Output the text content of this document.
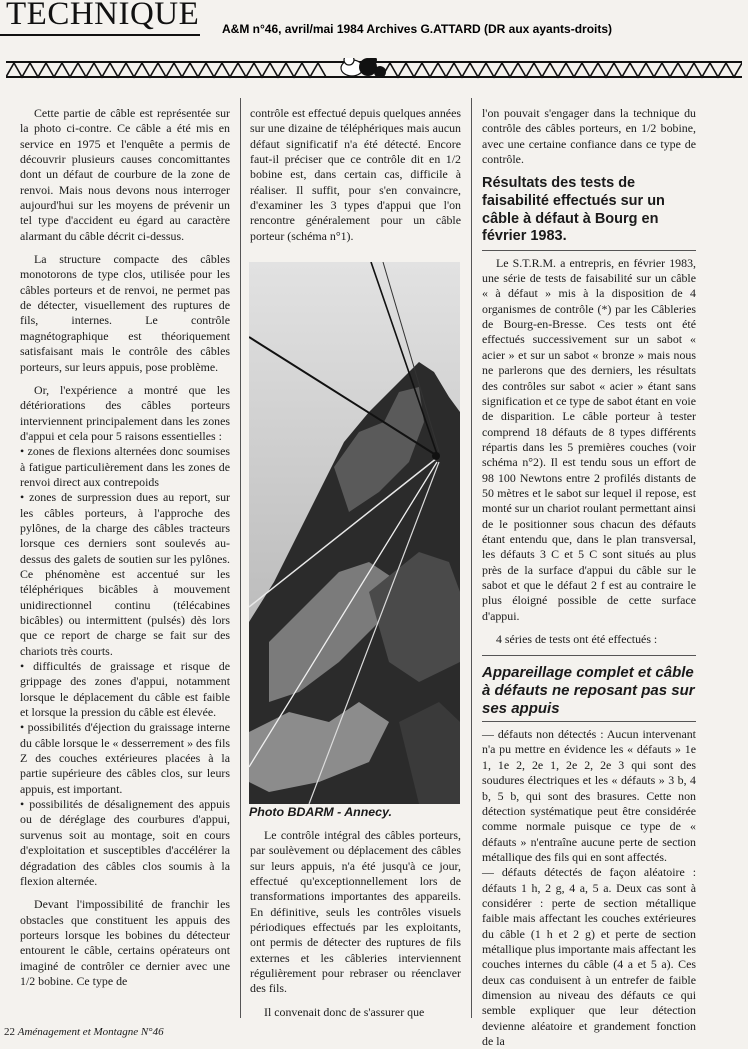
TECHNIQUE A&M n°46, avril/mai 1984 Archives G.ATTARD (DR aux ayants-droits)

Cette partie de câble est représentée sur la photo ci-contre. Ce câble a été mis en service en 1975 et l'enquête a permis de découvrir plusieurs causes concomittantes dont un défaut de courbure de la zone de renvoi. Mais nous devons nous interroger aujourd'hui sur les moyens de prévenir un tel type d'accident eu égard au caractère alarmant du câble décrit ci-dessus.

La structure compacte des câbles monotorons de type clos, utilisée pour les câbles porteurs et de renvoi, ne permet pas de détecter, visuellement des ruptures de fils, internes. Le contrôle magnétographique est théoriquement satisfaisant mais le contrôle des câbles porteurs, sur leurs appuis, pose problème.

Or, l'expérience a montré que les détériorations des câbles porteurs interviennent principalement dans les zones d'appui et cela pour 5 raisons essentielles :

• zones de flexions alternées donc soumises à fatigue particulièrement dans les zones de renvoi direct aux contrepoids

• zones de surpression dues au report, sur les câbles porteurs, à l'approche des pylônes, de la charge des câbles tracteurs lorsque ces derniers sont soulevés au-dessus des galets de soutien sur les pylônes. Ce phénomène est accentué sur les téléphériques bicâbles à mouvement unidirectionnel continu (télécabines bicâbles) ou intermittent (pulsés) dès lors que ce report de charge se fait sur des chariots très courts.

• difficultés de graissage et risque de grippage des zones d'appui, notamment lorsque le déplacement du câble est faible et lorsque la pression du câble est élevée.

• possibilités d'éjection du graissage interne du câble lorsque le « desserrement » des fils Z des couches extérieures placées à la partie supérieure des câbles clos, sur leurs appuis, est important.

• possibilités de désalignement des appuis ou de déréglage des courbures d'appui, survenus soit au montage, soit en cours d'exploitation et susceptibles d'accélérer la dégradation des câbles clos soumis à la flexion alternée.

Devant l'impossibilité de franchir les obstacles que constituent les appuis des porteurs lorsque les bobines du détecteur entourent le câble, certains opérateurs ont imaginé de contrôler ce dernier avec une 1/2 bobine. Ce type de

contrôle est effectué depuis quelques années sur une dizaine de téléphériques mais aucun défaut significatif n'a été détecté. Encore faut-il préciser que ce contrôle dit en 1/2 bobine est, dans certain cas, difficile à réaliser. Il suffit, pour s'en convaincre, d'examiner les 3 types d'appui que l'on rencontre généralement pour un câble porteur (schéma n°1).

Photo BDARM - Annecy.

Le contrôle intégral des câbles porteurs, par soulèvement ou déplacement des câbles sur leurs appuis, n'a été jusqu'à ce jour, effectué qu'exceptionnellement lors de transformations importantes des appareils. En définitive, seuls les contrôles visuels périodiques effectués par les exploitants, ont permis de détecter des ruptures de fils externes et les câbleries interviennent régulièrement pour rebraser ou réenclaver des fils.

Il convenait donc de s'assurer que

l'on pouvait s'engager dans la technique du contrôle des câbles porteurs, en 1/2 bobine, avec une certaine confiance dans ce type de contrôle.

Résultats des tests de faisabilité effectués sur un câble à défaut à Bourg en février 1983.

Le S.T.R.M. a entrepris, en février 1983, une série de tests de faisabilité sur un câble « à défaut » mis à la disposition de 4 organismes de contrôle (*) par les Câbleries de Bourg-en-Bresse. Ces tests ont été effectués successivement sur un sabot « acier » et sur un sabot « bronze » mais nous ne parlerons que des derniers, les résultats des contrôles sur sabot « acier » étant sans signification et ce type de sabot étant en voie de disparition. Le câble porteur à tester comprend 18 défauts de 8 types différents répartis dans les 5 premières couches (voir schéma n°2). Il est tendu sous un effort de 98 100 Newtons entre 2 profilés distants de 50 mètres et le sabot sur lequel il repose, est monté sur un chariot roulant permettant ainsi de le positionner sous chacun des défauts étant entendu que, dans le plan transversal, les défauts 3 C et 5 C sont situés au plus près de la surface d'appui du câble sur le sabot et que le défaut 2 f est au contraire le plus éloigné possible de cette surface d'appui.

4 séries de tests ont été effectués :

Appareillage complet et câble à défauts ne reposant pas sur ses appuis

— défauts non détectés : Aucun intervenant n'a pu mettre en évidence les « défauts » 1e 1, 1e 2, 2e 1, 2e 2, 2e 3 qui sont des soudures électriques et les « défauts » 3 b, 4 b, 5 b, qui sont des brasures. Cette non détection systématique peut être considérée comme normale puisque ce type de « défauts » n'entraîne aucune perte de section métallique des fils qui en sont affectés.

— défauts détectés de façon aléatoire : défauts 1 h, 2 g, 4 a, 5 a. Deux cas sont à considérer : perte de section métallique faible mais affectant les couches extérieures du câble (1 h et 2 g) et perte de section métallique plus importante mais affectant les couches internes du câble (4 a et 5 a). Ces deux cas conduisent à un entrefer de faible dimension au niveau des défauts ce qui semble expliquer que leur détection devienne aléatoire et grandement fonction de la

22 Aménagement et Montagne N°46
